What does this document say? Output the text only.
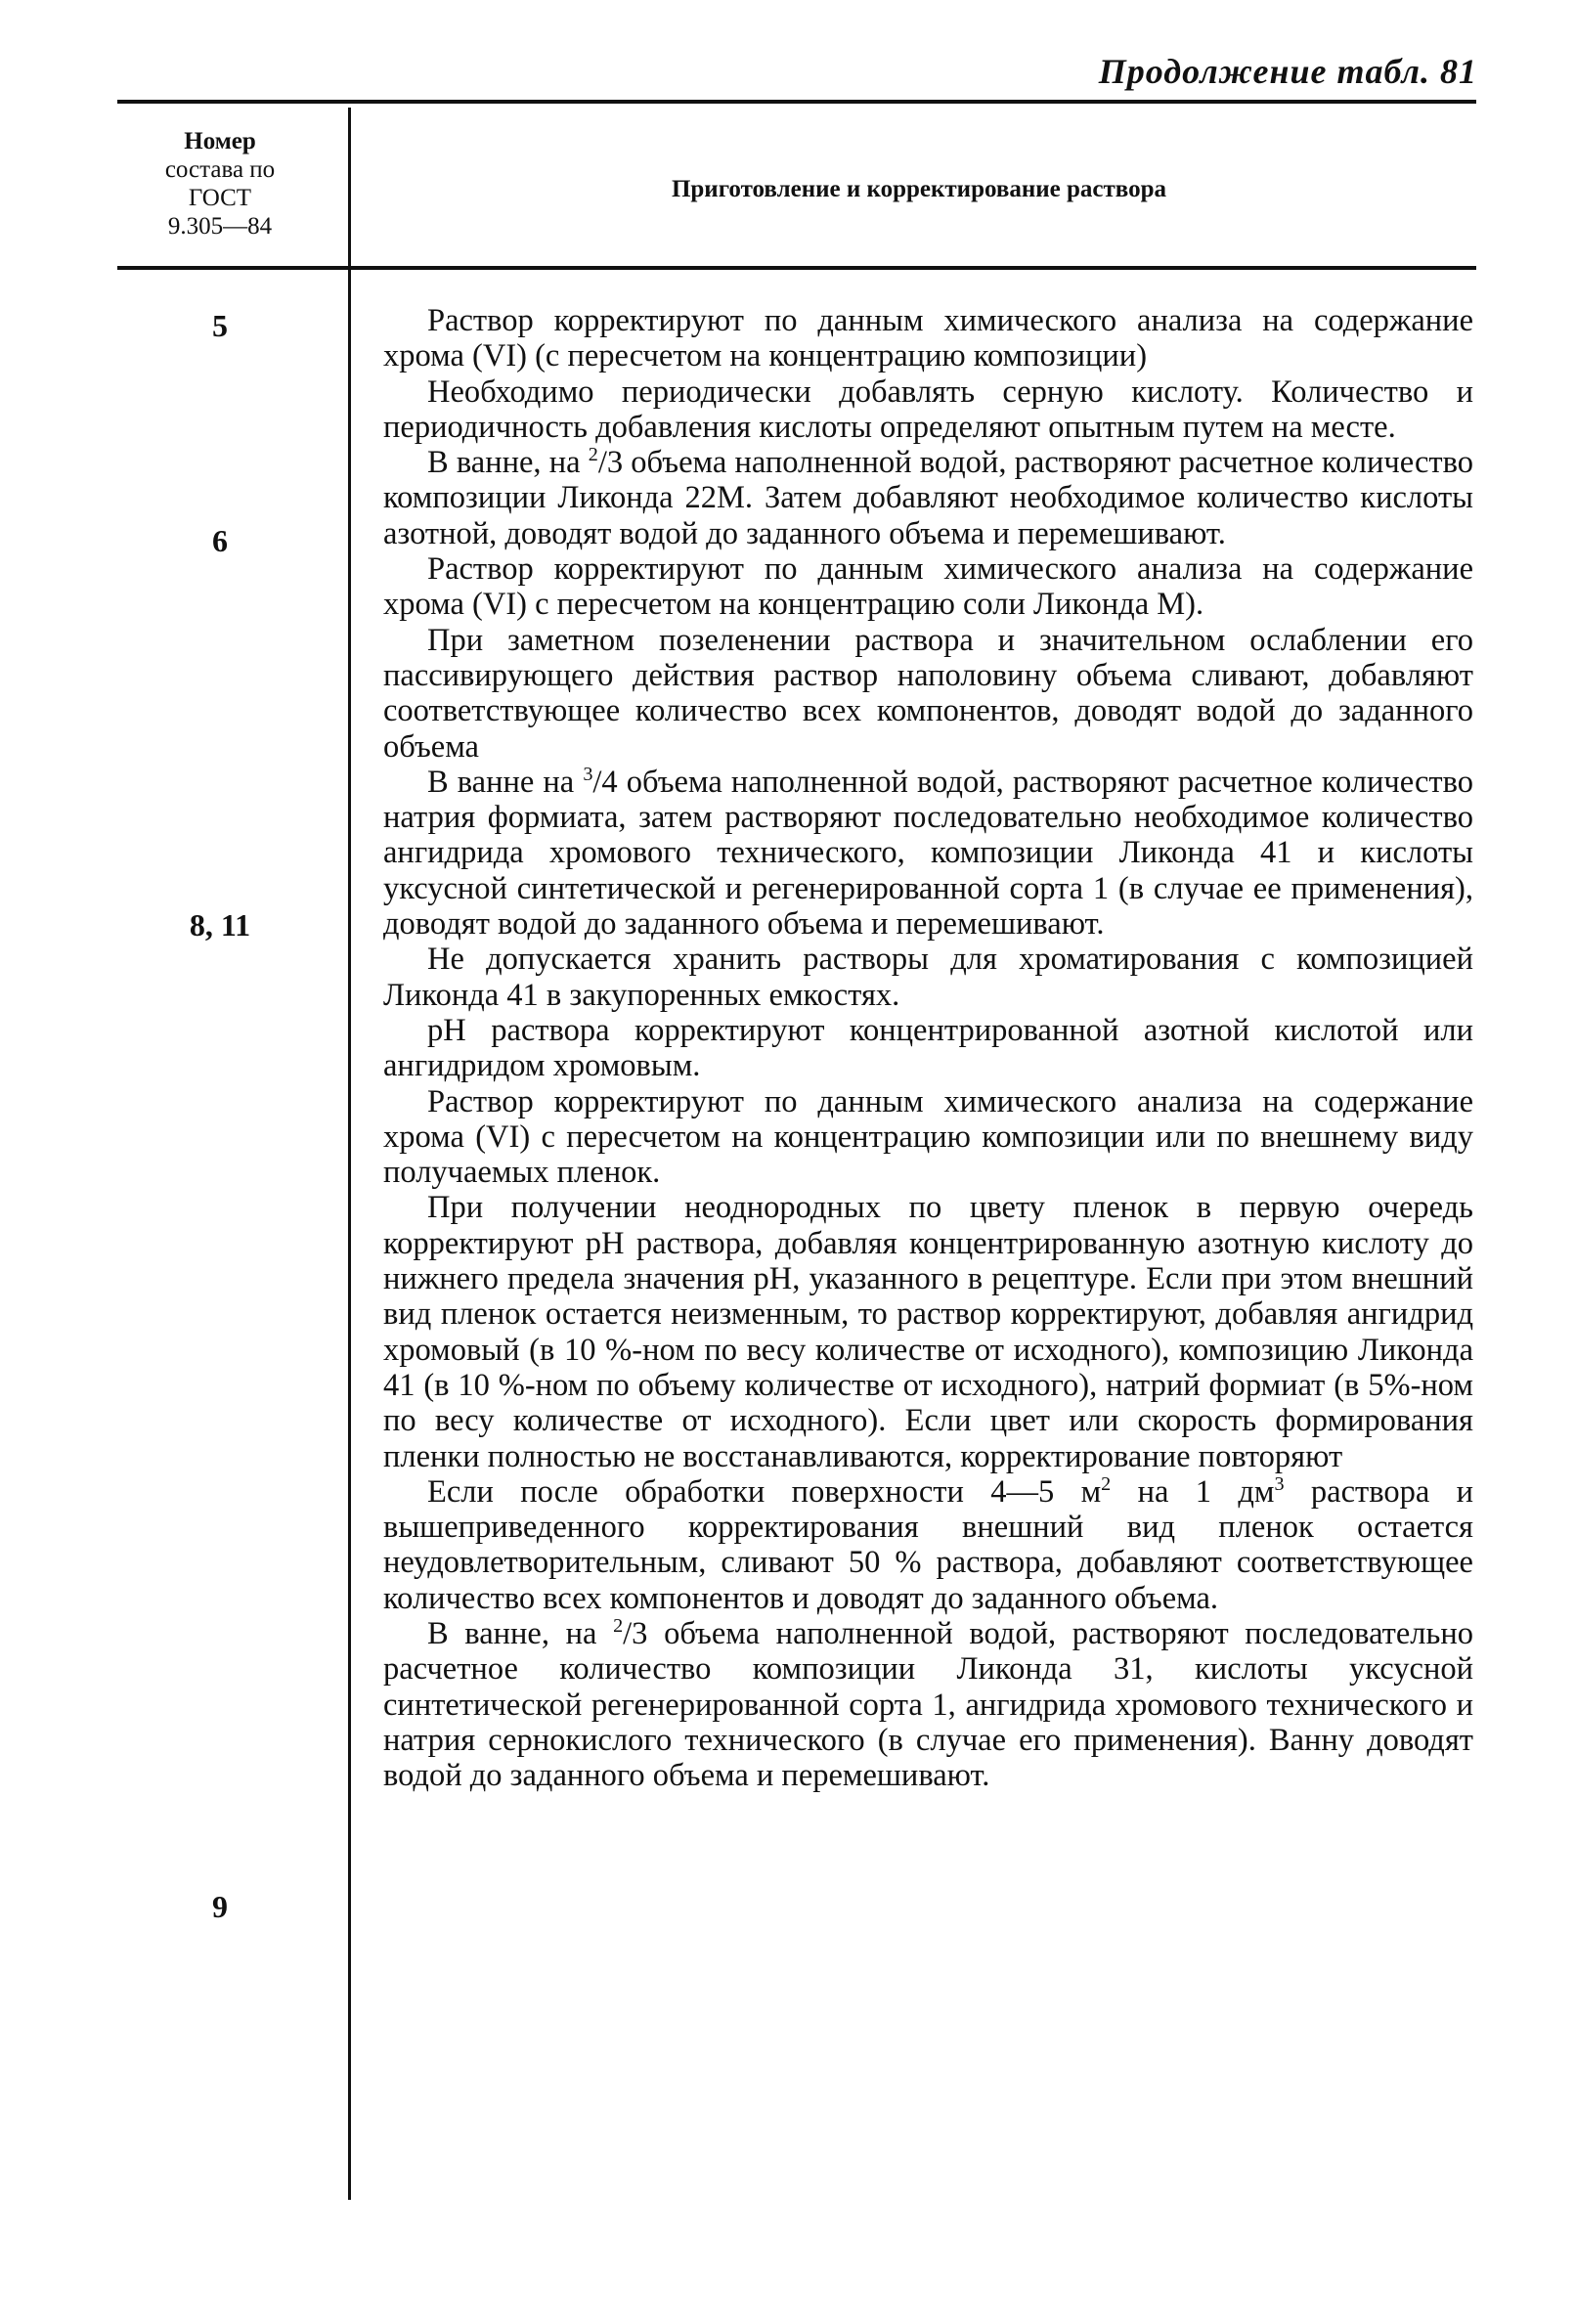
Продолжение табл. 81
Номер
состава по
ГОСТ
9.305—84
Приготовление и корректирование раствора
5
6
8, 11
9

Раствор корректируют по данным химического анализа на содержание хрома (VI) (с пересчетом на концентрацию композиции)

Необходимо периодически добавлять серную кислоту. Количество и периодичность добавления кислоты определяют опытным путем на месте.

В ванне, на $^2$/3 объема наполненной водой, растворяют расчетное количество композиции Ликонда 22М. Затем добавляют необходимое количество кислоты азотной, доводят водой до заданного объема и перемешивают.

Раствор корректируют по данным химического анализа на содержание хрома (VI) с пересчетом на концентрацию соли Ликонда М).

При заметном позеленении раствора и значительном ослаблении его пассивирующего действия раствор наполовину объема сливают, добавляют соответствующее количество всех компонентов, доводят водой до заданного объема

В ванне на $^3$/4 объема наполненной водой, растворяют расчетное количество натрия формиата, затем растворяют последовательно необходимое количество ангидрида хромового технического, композиции Ликонда 41 и кислоты уксусной синтетической и регенерированной сорта 1 (в случае ее применения), доводят водой до заданного объема и перемешивают.

Не допускается хранить растворы для хроматирования с композицией Ликонда 41 в закупоренных емкостях.

pH раствора корректируют концентрированной азотной кислотой или ангидридом хромовым.

Раствор корректируют по данным химического анализа на содержание хрома (VI) с пересчетом на концентрацию композиции или по внешнему виду получаемых пленок.

При получении неоднородных по цвету пленок в первую очередь корректируют pH раствора, добавляя концентрированную азотную кислоту до нижнего предела значения pH, указанного в рецептуре. Если при этом внешний вид пленок остается неизменным, то раствор корректируют, добавляя ангидрид хромовый (в 10 %-ном по весу количестве от исходного), композицию Ликонда 41 (в 10 %-ном по объему количестве от исходного), натрий формиат (в 5%-ном по весу количестве от исходного). Если цвет или скорость формирования пленки полностью не восстанавливаются, корректирование повторяют

Если после обработки поверхности 4—5 $м^2$ на 1 $дм^3$ раствора и вышеприведенного корректирования внешний вид пленок остается неудовлетворительным, сливают 50 % раствора, добавляют соответствующее количество всех компонентов и доводят до заданного объема.

В ванне, на $^2$/3 объема наполненной водой, растворяют последовательно расчетное количество композиции Ликонда 31, кислоты уксусной синтетической регенерированной сорта 1, ангидрида хромового технического и натрия сернокислого технического (в случае его применения). Ванну доводят водой до заданного объема и перемешивают.
